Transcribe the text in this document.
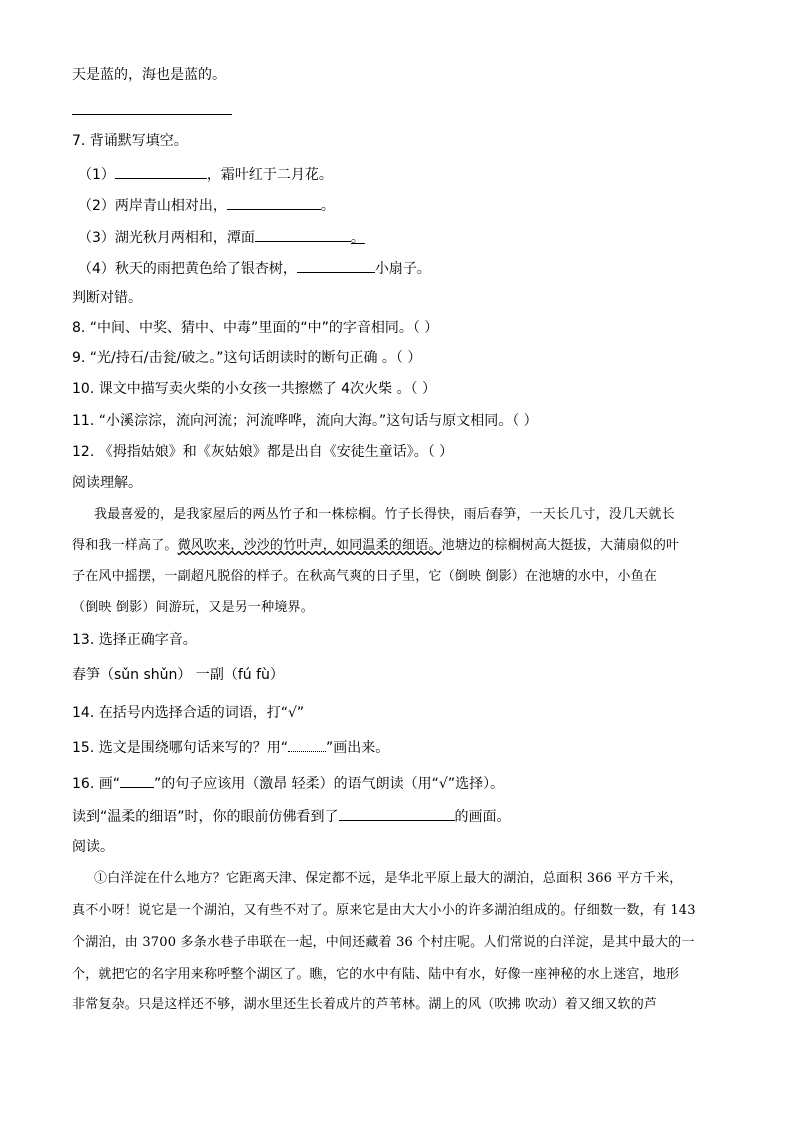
天是蓝的，海也是蓝的。
7. 背诵默写填空。
（1）	，霜叶红于二月花。
（2）两岸青山相对出，	。
（3）湖光秋月两相和，潭面	。
（4）秋天的雨把黄色给了银杏树，	小扇子。
判断对错。
8. “中间、中奖、猜中、中毒”里面的“中”的字音相同。（ ）
9. “光/持石/击瓮/破之。”这句话朗读时的断句正确 。（ ）
10. 课文中描写卖火柴的小女孩一共擦燃了 4次火柴 。（ ）
11. “小溪淙淙，流向河流；河流哗哗，流向大海。”这句话与原文相同。（ ）
12. 《拇指姑娘》和《灰姑娘》都是出自《安徒生童话》。（ ）
阅读理解。
我最喜爱的，是我家屋后的两丛竹子和一株棕榈。竹子长得快，雨后春笋，一天长几寸，没几天就长
得和我一样高了。微风吹来，沙沙的竹叶声，如同温柔的细语。池塘边的棕榈树高大挺拔，大蒲扇似的叶
子在风中摇摆，一副超凡脱俗的样子。在秋高气爽的日子里，它（倒映 倒影）在池塘的水中，小鱼在
（倒映 倒影）间游玩，又是另一种境界。
13. 选择正确字音。
春笋（sǔn shǔn） 一副（fú fù）
14. 在括号内选择合适的词语，打“√”
15. 选文是围绕哪句话来写的？用“	”画出来。
16. 画“ ”的句子应该用（激昂 轻柔）的语气朗读（用“√”选择）。
读到“温柔的细语”时，你的眼前仿佛看到了	的画面。
阅读。
①白洋淀在什么地方？它距离天津、保定都不远，是华北平原上最大的湖泊，总面积 366 平方千米，
真不小呀！说它是一个湖泊，又有些不对了。原来它是由大大小小的许多湖泊组成的。仔细数一数，有 143
个湖泊，由 3700 多条水巷子串联在一起，中间还藏着 36 个村庄呢。人们常说的白洋淀，是其中最大的一
个，就把它的名字用来称呼整个湖区了。瞧，它的水中有陆、陆中有水，好像一座神秘的水上迷宫，地形
非常复杂。只是这样还不够，湖水里还生长着成片的芦苇林。湖上的风（吹拂 吹动）着又细又软的芦
